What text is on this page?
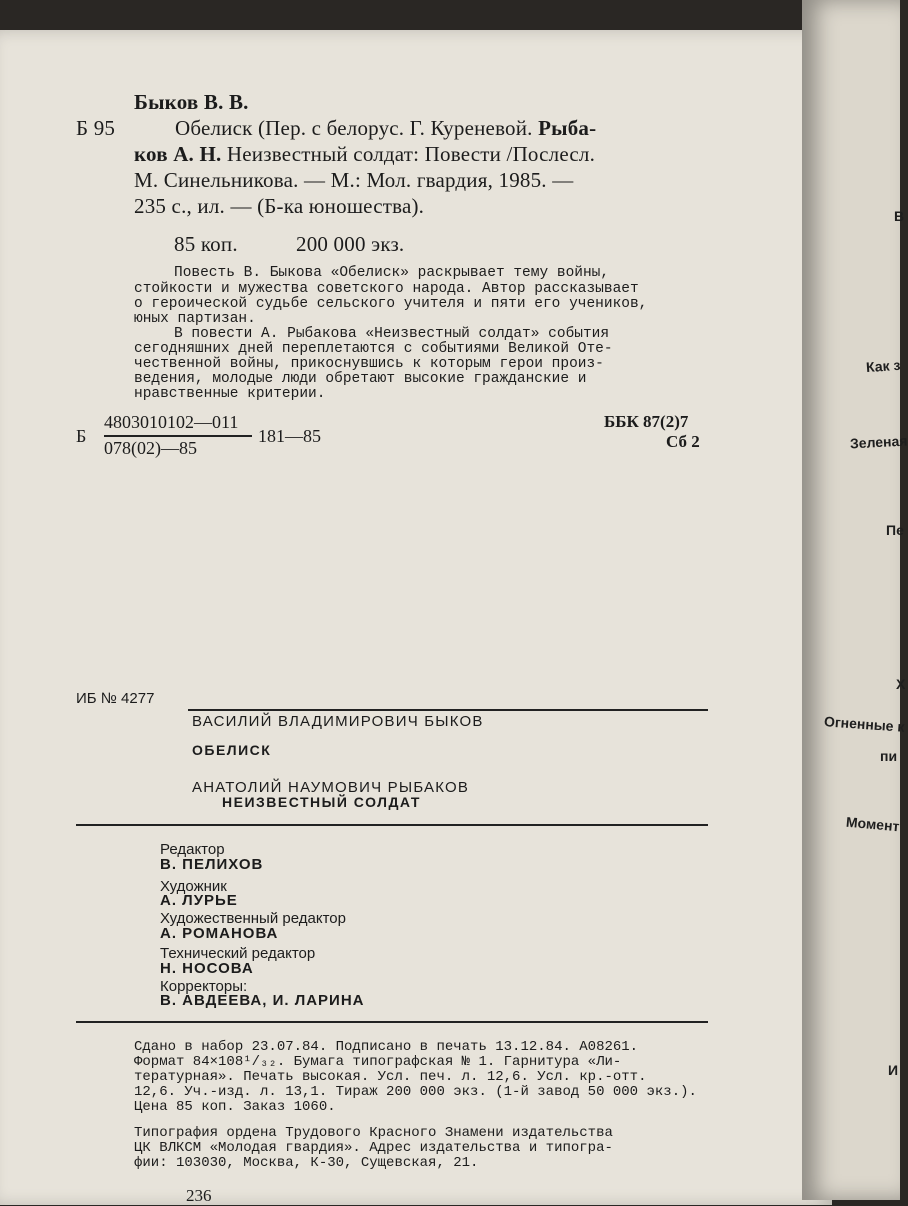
В
Как з
Зеленая
Пе
Х
Огненные к
пи
Момент
И
Быков В. В.
Б 95	Обелиск (Пер. с белорус. Г. Куреневой. Рыба-
ков А. Н. Неизвестный солдат: Повести /Послесл.
М. Синельникова. — М.: Мол. гвардия, 1985. —
235 с., ил. — (Б-ка юношества).
85 коп.	200 000 экз.
Повесть В. Быкова «Обелиск» раскрывает тему войны,
стойкости и мужества советского народа. Автор рассказывает
о героической судьбе сельского учителя и пяти его учеников,
юных партизан.
В повести А. Рыбакова «Неизвестный солдат» события
сегодняшних дней переплетаются с событиями Великой Оте-
чественной войны, прикоснувшись к которым герои произ-
ведения, молодые люди обретают высокие гражданские и
нравственные критерии.
Б
4803010102—011
078(02)—85
181—85
ББК 87(2)7
Сб 2
ИБ № 4277
ВАСИЛИЙ ВЛАДИМИРОВИЧ БЫКОВ
ОБЕЛИСК
АНАТОЛИЙ НАУМОВИЧ РЫБАКОВ
НЕИЗВЕСТНЫЙ СОЛДАТ
Редактор
В. ПЕЛИХОВ
Художник
А. ЛУРЬЕ
Художественный редактор
А. РОМАНОВА
Технический редактор
Н. НОСОВА
Корректоры:
В. АВДЕЕВА, И. ЛАРИНА
Сдано в набор 23.07.84. Подписано в печать 13.12.84. А08261.
Формат 84×108¹/₃₂. Бумага типографская № 1. Гарнитура «Ли-
тературная». Печать высокая. Усл. печ. л. 12,6. Усл. кр.-отт.
12,6. Уч.-изд. л. 13,1. Тираж 200 000 экз. (1-й завод 50 000 экз.).
Цена 85 коп. Заказ 1060.
Типография ордена Трудового Красного Знамени издательства
ЦК ВЛКСМ «Молодая гвардия». Адрес издательства и типогра-
фии: 103030, Москва, К-30, Сущевская, 21.
236
